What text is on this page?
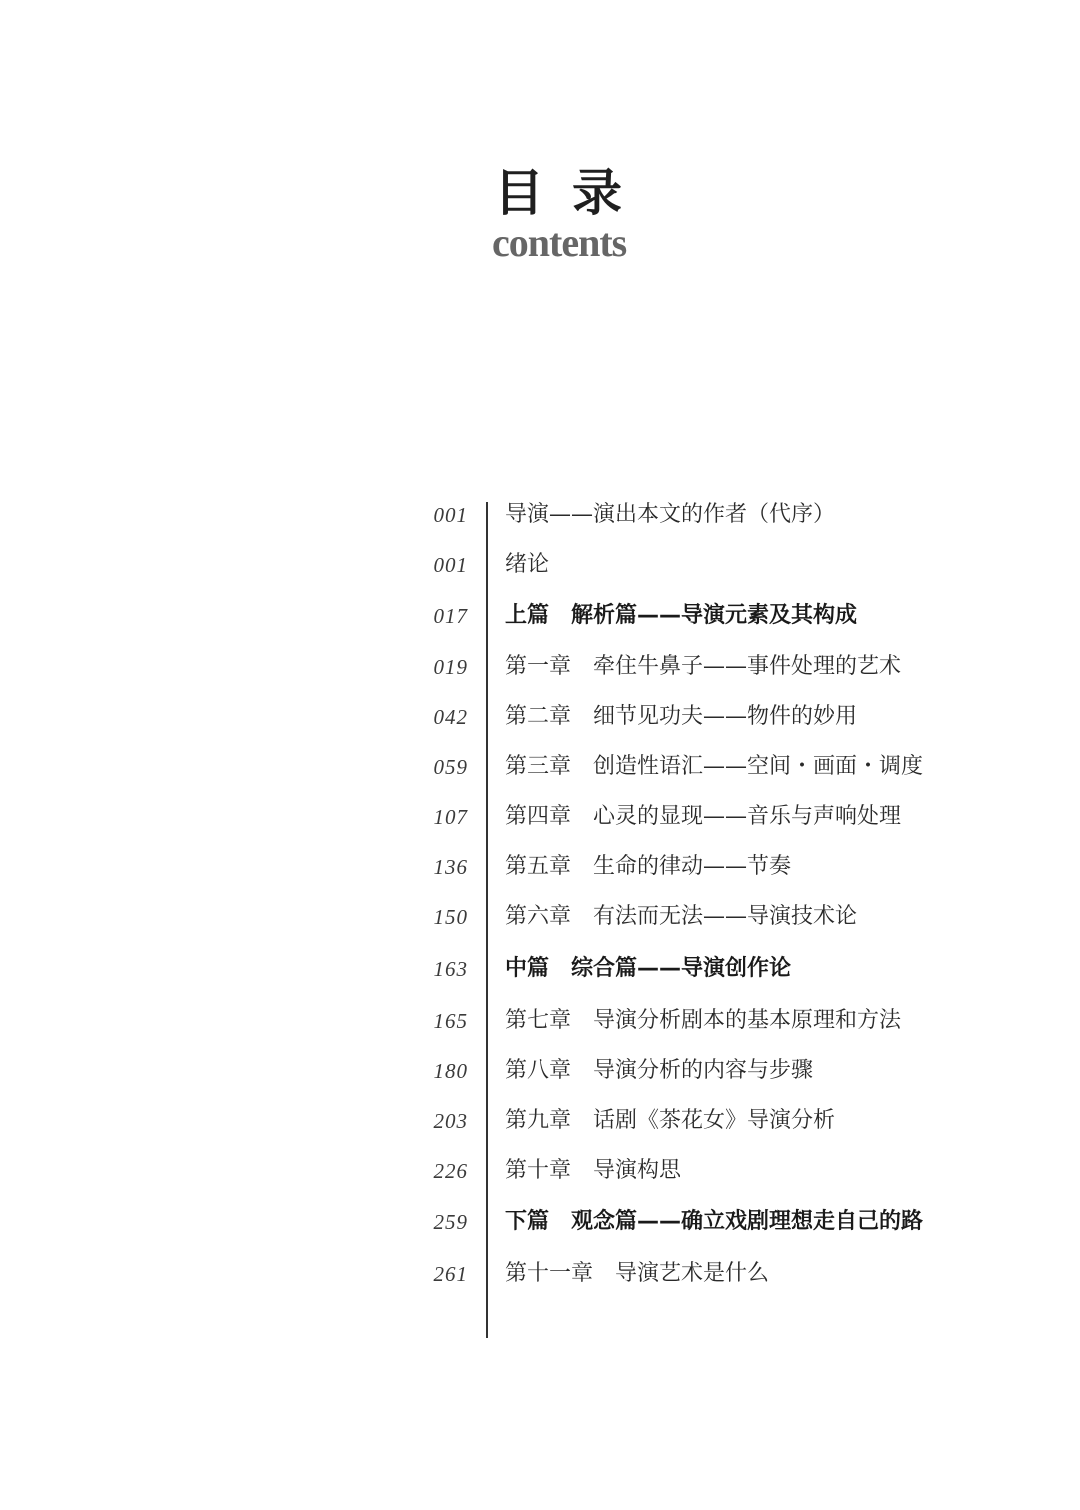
目录
contents
001 导演——演出本文的作者（代序）
001 绪论
017 上篇　解析篇——导演元素及其构成
019 第一章　牵住牛鼻子——事件处理的艺术
042 第二章　细节见功夫——物件的妙用
059 第三章　创造性语汇——空间・画面・调度
107 第四章　心灵的显现——音乐与声响处理
136 第五章　生命的律动——节奏
150 第六章　有法而无法——导演技术论
163 中篇　综合篇——导演创作论
165 第七章　导演分析剧本的基本原理和方法
180 第八章　导演分析的内容与步骤
203 第九章　话剧《茶花女》导演分析
226 第十章　导演构思
259 下篇　观念篇——确立戏剧理想走自己的路
261 第十一章　导演艺术是什么
